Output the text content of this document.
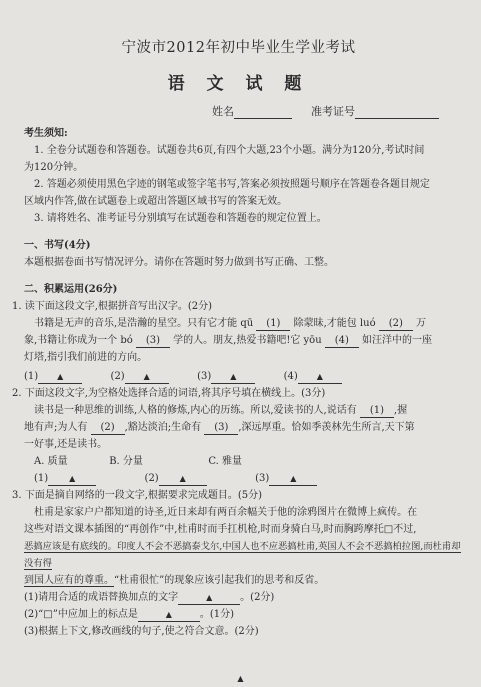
宁波市2012年初中毕业生学业考试
语 文 试 题
姓名	准考证号
考生须知:
1. 全卷分试题卷和答题卷。试题卷共6页,有四个大题,23个小题。满分为120分,考试时间
为120分钟。
2. 答题必须使用黑色字迹的钢笔或签字笔书写,答案必须按照题号顺序在答题卷各题目规定
区域内作答,做在试题卷上或超出答题区域书写的答案无效。
3. 请将姓名、准考证号分别填写在试题卷和答题卷的规定位置上。
一、书写(4分)
本题根据卷面书写情况评分。请你在答题时努力做到书写正确、工整。
二、积累运用(26分)
1. 读下面这段文字,根据拼音写出汉字。(2分)
书籍是无声的音乐,是浩瀚的星空。只有它才能 qū (1) 除蒙昧,才能包 luó (2) 万
象,书籍让你成为一个 bó (3) 学的人。朋友,热爱书籍吧!它 yōu (4) 如汪洋中的一座
灯塔,指引我们前进的方向。
(1) ▲	(2) ▲	(3) ▲	(4) ▲
2. 下面这段文字,为空格处选择合适的词语,将其序号填在横线上。(3分)
读书是一种思维的训练,人格的修炼,内心的历练。所以,爱读书的人,说话有 (1) ,握
地有声;为人有 (2) ,豁达淡泊;生命有 (3) ,深远厚重。恰如季羡林先生所言,天下第
一好事,还是读书。
A. 质量	B. 分量	C. 雅量
(1)	▲	(2)	▲	(3)	▲
3. 下面是摘自网络的一段文字,根据要求完成题目。(5分)
杜甫是家家户户都知道的诗圣,近日来却有两百余幅关于他的涂鸦图片在微博上疯传。在
这些对语文课本插图的“再创作”中,杜甫时而手扛机枪,时而身骑白马,时而胸跨摩托□不过,
恶搞应该是有底线的。印度人不会不恶搞泰戈尔,中国人也不应恶搞杜甫,英国人不会不恶搞柏拉图,而杜甫却没有得
到国人应有的尊重。“杜甫很忙”的现象应该引起我们的思考和反省。
(1)请用合适的成语替换加点的文字	▲	。(2分)
(2)“□”中应加上的标点是	▲	。(1分)
(3)根据上下文,修改画线的句子,使之符合文意。(2分)
▲
